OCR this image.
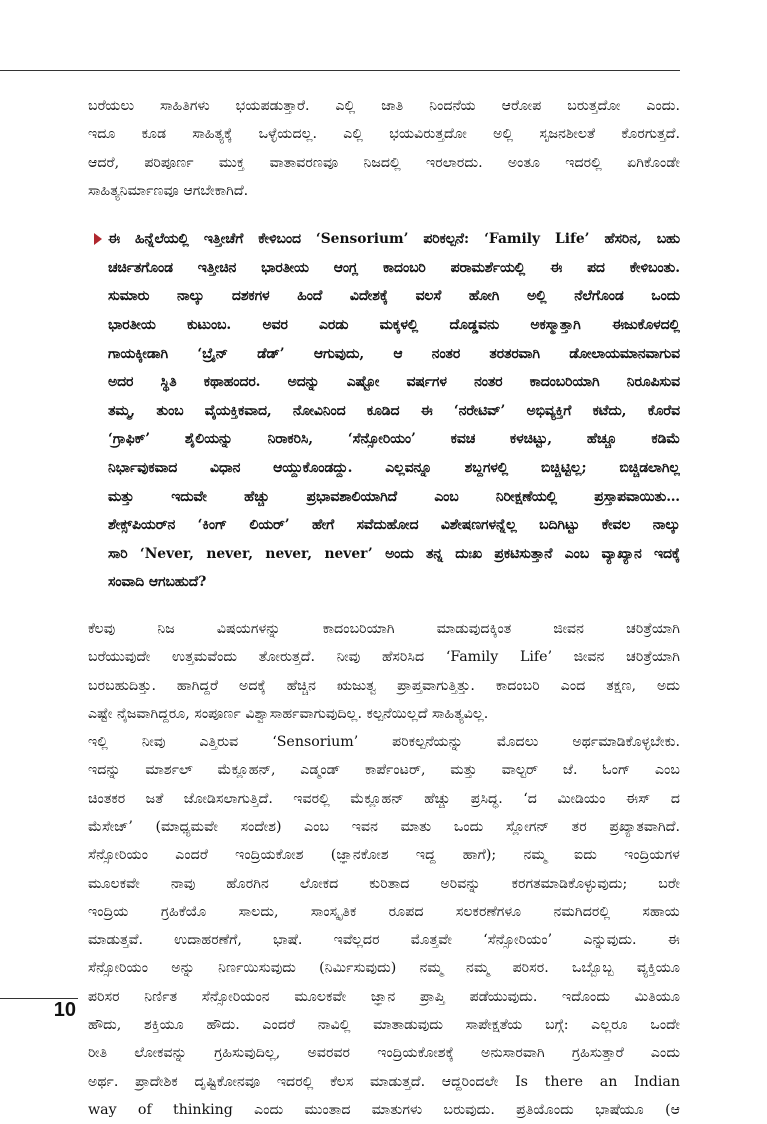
ಬರೆಯಲು ಸಾಹಿತಿಗಳು ಭಯಪಡುತ್ತಾರೆ. ಎಲ್ಲಿ ಜಾತಿ ನಿಂದನೆಯ ಆರೋಪ ಬರುತ್ತದೋ ಎಂದು.
ಇದೂ ಕೂಡ ಸಾಹಿತ್ಯಕ್ಕೆ ಒಳ್ಳೆಯದಲ್ಲ. ಎಲ್ಲಿ ಭಯವಿರುತ್ತದೋ ಅಲ್ಲಿ ಸೃಜನಶೀಲತೆ ಕೊರಗುತ್ತದೆ.
ಆದರೆ, ಪರಿಪೂರ್ಣ ಮುಕ್ತ ವಾತಾವರಣವೂ ನಿಜದಲ್ಲಿ ಇರಲಾರದು. ಅಂತೂ ಇದರಲ್ಲಿ ಏಗಿಕೊಂಡೇ
ಸಾಹಿತ್ಯನಿರ್ಮಾಣವೂ ಆಗಬೇಕಾಗಿದೆ.
ಈ ಹಿನ್ನೆಲೆಯಲ್ಲಿ ಇತ್ತೀಚೆಗೆ ಕೇಳಿಬಂದ ‘Sensorium’ ಪರಿಕಲ್ಪನೆ: ‘Family Life’ ಹೆಸರಿನ, ಬಹು
ಚರ್ಚಿತಗೊಂಡ ಇತ್ತೀಚಿನ ಭಾರತೀಯ ಆಂಗ್ಲ ಕಾದಂಬರಿ ಪರಾಮರ್ಶೆಯಲ್ಲಿ ಈ ಪದ ಕೇಳಿಬಂತು.
ಸುಮಾರು ನಾಲ್ಕು ದಶಕಗಳ ಹಿಂದೆ ವಿದೇಶಕ್ಕೆ ವಲಸೆ ಹೋಗಿ ಅಲ್ಲಿ ನೆಲೆಗೊಂಡ ಒಂದು
ಭಾರತೀಯ ಕುಟುಂಬ. ಅವರ ಎರಡು ಮಕ್ಕಳಲ್ಲಿ ದೊಡ್ಡವನು ಅಕಸ್ಮಾತ್ತಾಗಿ ಈಜುಕೊಳದಲ್ಲಿ
ಗಾಯಕ್ಕೀಡಾಗಿ ‘ಬ್ರೈನ್ ಡೆಡ್’ ಆಗುವುದು, ಆ ನಂತರ ತರತರವಾಗಿ ಡೋಲಾಯಮಾನವಾಗುವ
ಅದರ ಸ್ಥಿತಿ ಕಥಾಹಂದರ. ಅದನ್ನು ಎಷ್ಟೋ ವರ್ಷಗಳ ನಂತರ ಕಾದಂಬರಿಯಾಗಿ ನಿರೂಪಿಸುವ
ತಮ್ಮ, ತುಂಬ ವೈಯಕ್ತಿಕವಾದ, ನೋವಿನಿಂದ ಕೂಡಿದ ಈ ‘ನರೇಟಿವ್’ ಅಭಿವ್ಯಕ್ತಿಗೆ ಕಟೆದು, ಕೊರೆವ
‘ಗ್ರಾಫಿಕ್’ ಶೈಲಿಯನ್ನು ನಿರಾಕರಿಸಿ, ‘ಸೆನ್ಸೋರಿಯಂ’ ಕವಚ ಕಳಚಿಟ್ಟು, ಹೆಚ್ಚೂ ಕಡಿಮೆ
ನಿರ್ಭಾವುಕವಾದ ವಿಧಾನ ಆಯ್ದುಕೊಂಡದ್ದು. ಎಲ್ಲವನ್ನೂ ಶಬ್ದಗಳಲ್ಲಿ ಬಿಚ್ಚಿಟ್ಟಿಲ್ಲ; ಬಿಚ್ಚಿಡಲಾಗಿಲ್ಲ
ಮತ್ತು ಇದುವೇ ಹೆಚ್ಚು ಪ್ರಭಾವಶಾಲಿಯಾಗಿದೆ ಎಂಬ ನಿರೀಕ್ಷಣೆಯಲ್ಲಿ ಪ್ರಸ್ತಾಪವಾಯಿತು…
ಶೇಕ್ಸ್‌ಪಿಯರ್‌ನ ‘ಕಿಂಗ್ ಲಿಯರ್’ ಹೇಗೆ ಸವೆದುಹೋದ ವಿಶೇಷಣಗಳನ್ನೆಲ್ಲ ಬದಿಗಿಟ್ಟು ಕೇವಲ ನಾಲ್ಕು
ಸಾರಿ ‘Never, never, never, never’ ಅಂದು ತನ್ನ ದುಃಖ ಪ್ರಕಟಿಸುತ್ತಾನೆ ಎಂಬ ವ್ಯಾಖ್ಯಾನ ಇದಕ್ಕೆ
ಸಂವಾದಿ ಆಗಬಹುದೆ?
ಕೆಲವು ನಿಜ ವಿಷಯಗಳನ್ನು ಕಾದಂಬರಿಯಾಗಿ ಮಾಡುವುದಕ್ಕಿಂತ ಜೀವನ ಚರಿತ್ರೆಯಾಗಿ
ಬರೆಯುವುದೇ ಉತ್ತಮವೆಂದು ತೋರುತ್ತದೆ. ನೀವು ಹೆಸರಿಸಿದ ‘Family Life’ ಜೀವನ ಚರಿತ್ರೆಯಾಗಿ
ಬರಬಹುದಿತ್ತು. ಹಾಗಿದ್ದರೆ ಅದಕ್ಕೆ ಹೆಚ್ಚಿನ ಋಜುತ್ವ ಪ್ರಾಪ್ತವಾಗುತ್ತಿತ್ತು. ಕಾದಂಬರಿ ಎಂದ ತಕ್ಷಣ, ಅದು
ಎಷ್ಟೇ ನೈಜವಾಗಿದ್ದರೂ, ಸಂಪೂರ್ಣ ವಿಶ್ವಾಸಾರ್ಹವಾಗುವುದಿಲ್ಲ. ಕಲ್ಪನೆಯಿಲ್ಲದೆ ಸಾಹಿತ್ಯವಿಲ್ಲ.
ಇಲ್ಲಿ ನೀವು ಎತ್ತಿರುವ ‘Sensorium’ ಪರಿಕಲ್ಪನೆಯನ್ನು ಮೊದಲು ಅರ್ಥಮಾಡಿಕೊಳ್ಳಬೇಕು.
ಇದನ್ನು ಮಾರ್ಶಲ್ ಮೆಕ್ಲೂಹನ್, ಎಡ್ಮಂಡ್ ಕಾರ್ಪೆಂಟರ್, ಮತ್ತು ವಾಲ್ಟರ್ ಜೆ. ಓಂಗ್ ಎಂಬ
ಚಿಂತಕರ ಜತೆ ಜೋಡಿಸಲಾಗುತ್ತಿದೆ. ಇವರಲ್ಲಿ ಮೆಕ್ಲೂಹನ್ ಹೆಚ್ಚು ಪ್ರಸಿದ್ಧ. ‘ದ ಮೀಡಿಯಂ ಈಸ್ ದ
ಮೆಸೇಜ್’ (ಮಾಧ್ಯಮವೇ ಸಂದೇಶ) ಎಂಬ ಇವನ ಮಾತು ಒಂದು ಸ್ಲೋಗನ್ ತರ ಪ್ರಖ್ಯಾತವಾಗಿದೆ.
ಸೆನ್ಸೋರಿಯಂ ಎಂದರೆ ಇಂದ್ರಿಯಕೋಶ (ಜ್ಞಾನಕೋಶ ಇದ್ದ ಹಾಗೆ); ನಮ್ಮ ಐದು ಇಂದ್ರಿಯಗಳ
ಮೂಲಕವೇ ನಾವು ಹೊರಗಿನ ಲೋಕದ ಕುರಿತಾದ ಅರಿವನ್ನು ಕರಗತಮಾಡಿಕೊಳ್ಳುವುದು; ಬರೇ
ಇಂದ್ರಿಯ ಗ್ರಹಿಕೆಯೊ ಸಾಲದು, ಸಾಂಸ್ಕೃತಿಕ ರೂಪದ ಸಲಕರಣೆಗಳೂ ನಮಗಿದರಲ್ಲಿ ಸಹಾಯ
ಮಾಡುತ್ತವೆ. ಉದಾಹರಣೆಗೆ, ಭಾಷೆ. ಇವೆಲ್ಲದರ ಮೊತ್ತವೇ ‘ಸೆನ್ಸೋರಿಯಂ’ ಎನ್ನುವುದು. ಈ
ಸೆನ್ಸೋರಿಯಂ ಅನ್ನು ನಿರ್ಣಯಿಸುವುದು (ನಿರ್ಮಿಸುವುದು) ನಮ್ಮ ನಮ್ಮ ಪರಿಸರ. ಒಬ್ಬೊಬ್ಬ ವ್ಯಕ್ತಿಯೂ
ಪರಿಸರ ನಿರ್ಣಿತ ಸೆನ್ಸೋರಿಯಂನ ಮೂಲಕವೇ ಜ್ಞಾನ ಪ್ರಾಪ್ತಿ ಪಡೆಯುವುದು. ಇದೊಂದು ಮಿತಿಯೂ
ಹೌದು, ಶಕ್ತಿಯೂ ಹೌದು. ಎಂದರೆ ನಾವಿಲ್ಲಿ ಮಾತಾಡುವುದು ಸಾಪೇಕ್ಷತೆಯ ಬಗ್ಗೆ: ಎಲ್ಲರೂ ಒಂದೇ
ರೀತಿ ಲೋಕವನ್ನು ಗ್ರಹಿಸುವುದಿಲ್ಲ, ಅವರವರ ಇಂದ್ರಿಯಕೋಶಕ್ಕೆ ಅನುಸಾರವಾಗಿ ಗ್ರಹಿಸುತ್ತಾರೆ ಎಂದು
ಅರ್ಥ. ಪ್ರಾದೇಶಿಕ ದೃಷ್ಟಿಕೋನವೂ ಇದರಲ್ಲಿ ಕೆಲಸ ಮಾಡುತ್ತದೆ. ಆದ್ದರಿಂದಲೇ Is there an Indian
way of thinking ಎಂದು ಮುಂತಾದ ಮಾತುಗಳು ಬರುವುದು. ಪ್ರತಿಯೊಂದು ಭಾಷೆಯೂ (ಆ
10
